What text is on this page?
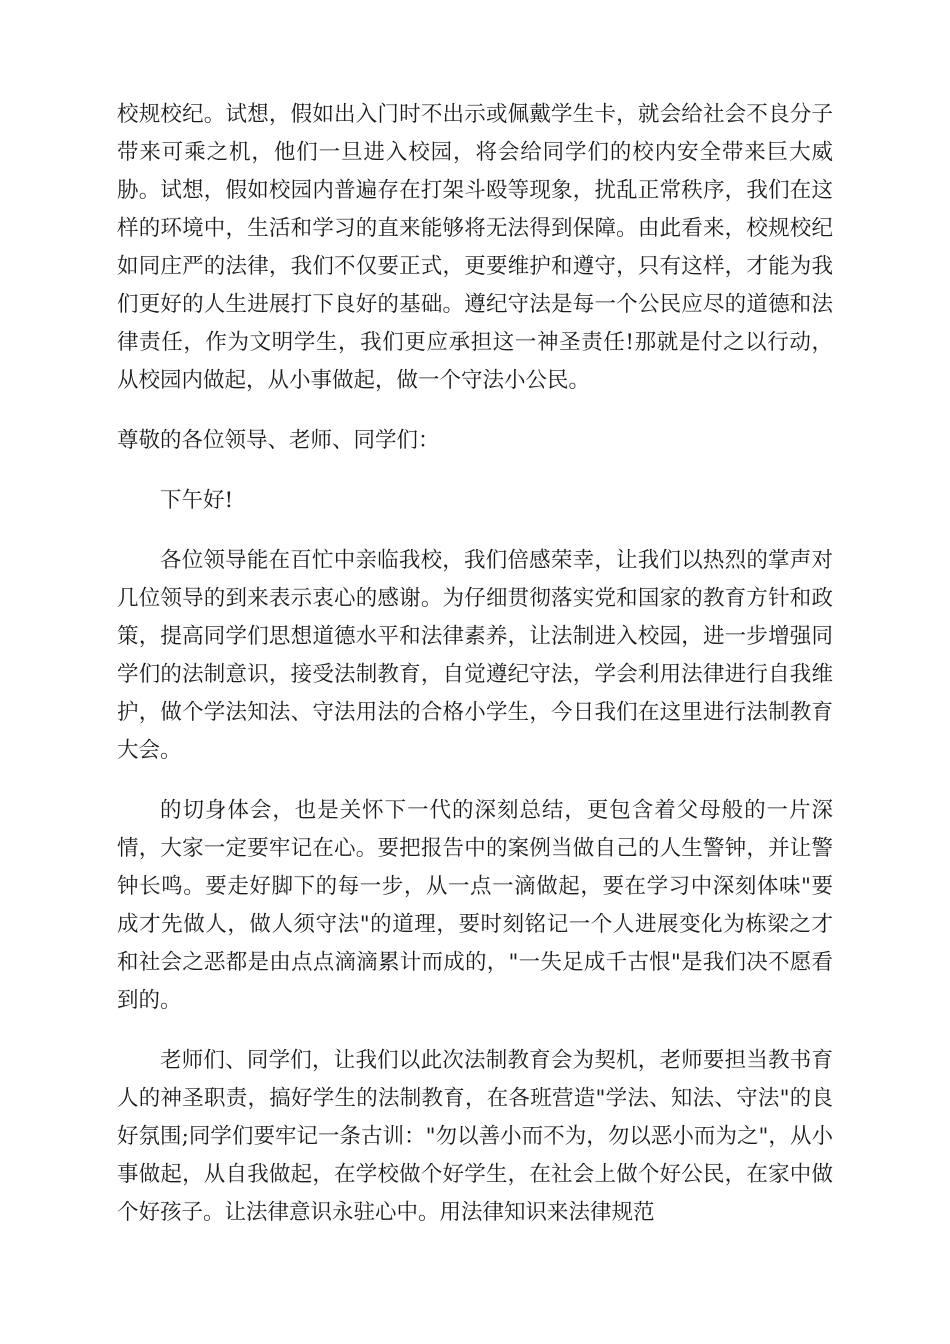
校规校纪。试想，假如出入门时不出示或佩戴学生卡，就会给社会不良分子带来可乘之机，他们一旦进入校园，将会给同学们的校内安全带来巨大威胁。试想，假如校园内普遍存在打架斗殴等现象，扰乱正常秩序，我们在这样的环境中，生活和学习的直来能够将无法得到保障。由此看来，校规校纪如同庄严的法律，我们不仅要正式，更要维护和遵守，只有这样，才能为我们更好的人生进展打下良好的基础。遵纪守法是每一个公民应尽的道德和法律责任，作为文明学生，我们更应承担这一神圣责任!那就是付之以行动，从校园内做起，从小事做起，做一个守法小公民。

尊敬的各位领导、老师、同学们：

下午好!

各位领导能在百忙中亲临我校，我们倍感荣幸，让我们以热烈的掌声对几位领导的到来表示衷心的感谢。为仔细贯彻落实党和国家的教育方针和政策，提高同学们思想道德水平和法律素养，让法制进入校园，进一步增强同学们的法制意识，接受法制教育，自觉遵纪守法，学会利用法律进行自我维护，做个学法知法、守法用法的合格小学生，今日我们在这里进行法制教育大会。

的切身体会，也是关怀下一代的深刻总结，更包含着父母般的一片深情，大家一定要牢记在心。要把报告中的案例当做自己的人生警钟，并让警钟长鸣。要走好脚下的每一步，从一点一滴做起，要在学习中深刻体味"要成才先做人，做人须守法"的道理，要时刻铭记一个人进展变化为栋梁之才和社会之恶都是由点点滴滴累计而成的，"一失足成千古恨"是我们决不愿看到的。

老师们、同学们，让我们以此次法制教育会为契机，老师要担当教书育人的神圣职责，搞好学生的法制教育，在各班营造"学法、知法、守法"的良好氛围;同学们要牢记一条古训："勿以善小而不为，勿以恶小而为之"，从小事做起，从自我做起，在学校做个好学生，在社会上做个好公民，在家中做个好孩子。让法律意识永驻心中。用法律知识来法律规范
